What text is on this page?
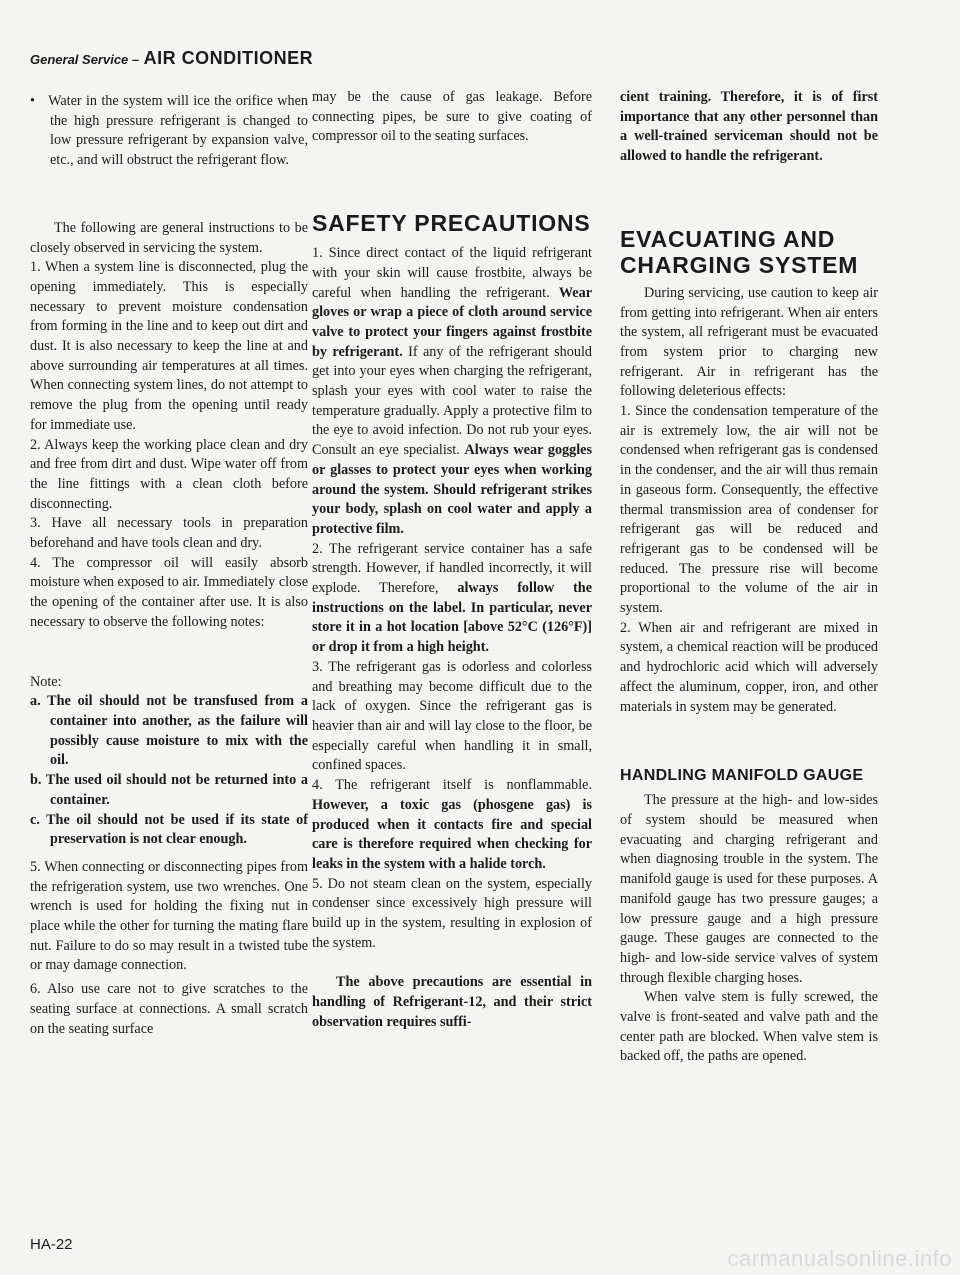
General Service – AIR CONDITIONER

•   Water in the system will ice the orifice when the high pressure refrigerant is changed to low pressure refrigerant by expansion valve, etc., and will obstruct the refrigerant flow.

The following are general instructions to be closely observed in servicing the system.

1. When a system line is disconnected, plug the opening immediately. This is especially necessary to prevent moisture condensation from forming in the line and to keep out dirt and dust. It is also necessary to keep the line at and above surrounding air temperatures at all times. When connecting system lines, do not attempt to remove the plug from the opening until ready for immediate use.

2. Always keep the working place clean and dry and free from dirt and dust. Wipe water off from the line fittings with a clean cloth before disconnecting.

3. Have all necessary tools in preparation beforehand and have tools clean and dry.

4. The compressor oil will easily absorb moisture when exposed to air. Immediately close the opening of the container after use. It is also necessary to observe the following notes:

Note:

a. The oil should not be transfused from a container into another, as the failure will possibly cause moisture to mix with the oil.

b. The used oil should not be returned into a container.

c. The oil should not be used if its state of preservation is not clear enough.

5. When connecting or disconnecting pipes from the refrigeration system, use two wrenches. One wrench is used for holding the fixing nut in place while the other for turning the mating flare nut. Failure to do so may result in a twisted tube or may damage connection.

6. Also use care not to give scratches to the seating surface at connections. A small scratch on the seating surface

may be the cause of gas leakage. Before connecting pipes, be sure to give coating of compressor oil to the seating surfaces.

SAFETY PRECAUTIONS

1. Since direct contact of the liquid refrigerant with your skin will cause frostbite, always be careful when handling the refrigerant. Wear gloves or wrap a piece of cloth around service valve to protect your fingers against frostbite by refrigerant. If any of the refrigerant should get into your eyes when charging the refrigerant, splash your eyes with cool water to raise the temperature gradually. Apply a protective film to the eye to avoid infection. Do not rub your eyes. Consult an eye specialist. Always wear goggles or glasses to protect your eyes when working around the system. Should refrigerant strikes your body, splash on cool water and apply a protective film.

2. The refrigerant service container has a safe strength. However, if handled incorrectly, it will explode. Therefore, always follow the instructions on the label. In particular, never store it in a hot location [above 52°C (126°F)] or drop it from a high height.

3. The refrigerant gas is odorless and colorless and breathing may become difficult due to the lack of oxygen. Since the refrigerant gas is heavier than air and will lay close to the floor, be especially careful when handling it in small, confined spaces.

4. The refrigerant itself is nonflammable. However, a toxic gas (phosgene gas) is produced when it contacts fire and special care is therefore required when checking for leaks in the system with a halide torch.

5. Do not steam clean on the system, especially condenser since excessively high pressure will build up in the system, resulting in explosion of the system.

The above precautions are essential in handling of Refrigerant-12, and their strict observation requires suffi-

cient training. Therefore, it is of first importance that any other personnel than a well-trained serviceman should not be allowed to handle the refrigerant.

EVACUATING AND CHARGING SYSTEM

During servicing, use caution to keep air from getting into refrigerant. When air enters the system, all refrigerant must be evacuated from system prior to charging new refrigerant. Air in refrigerant has the following deleterious effects:

1. Since the condensation temperature of the air is extremely low, the air will not be condensed when refrigerant gas is condensed in the condenser, and the air will thus remain in gaseous form. Consequently, the effective thermal transmission area of condenser for refrigerant gas will be reduced and refrigerant gas to be condensed will be reduced. The pressure rise will become proportional to the volume of the air in system.

2. When air and refrigerant are mixed in system, a chemical reaction will be produced and hydrochloric acid which will adversely affect the aluminum, copper, iron, and other materials in system may be generated.

HANDLING MANIFOLD GAUGE

The pressure at the high- and low-sides of system should be measured when evacuating and charging refrigerant and when diagnosing trouble in the system. The manifold gauge is used for these purposes. A manifold gauge has two pressure gauges; a low pressure gauge and a high pressure gauge. These gauges are connected to the high- and low-side service valves of system through flexible charging hoses.

When valve stem is fully screwed, the valve is front-seated and valve path and the center path are blocked. When valve stem is backed off, the paths are opened.

HA-22
carmanualsonline.info
